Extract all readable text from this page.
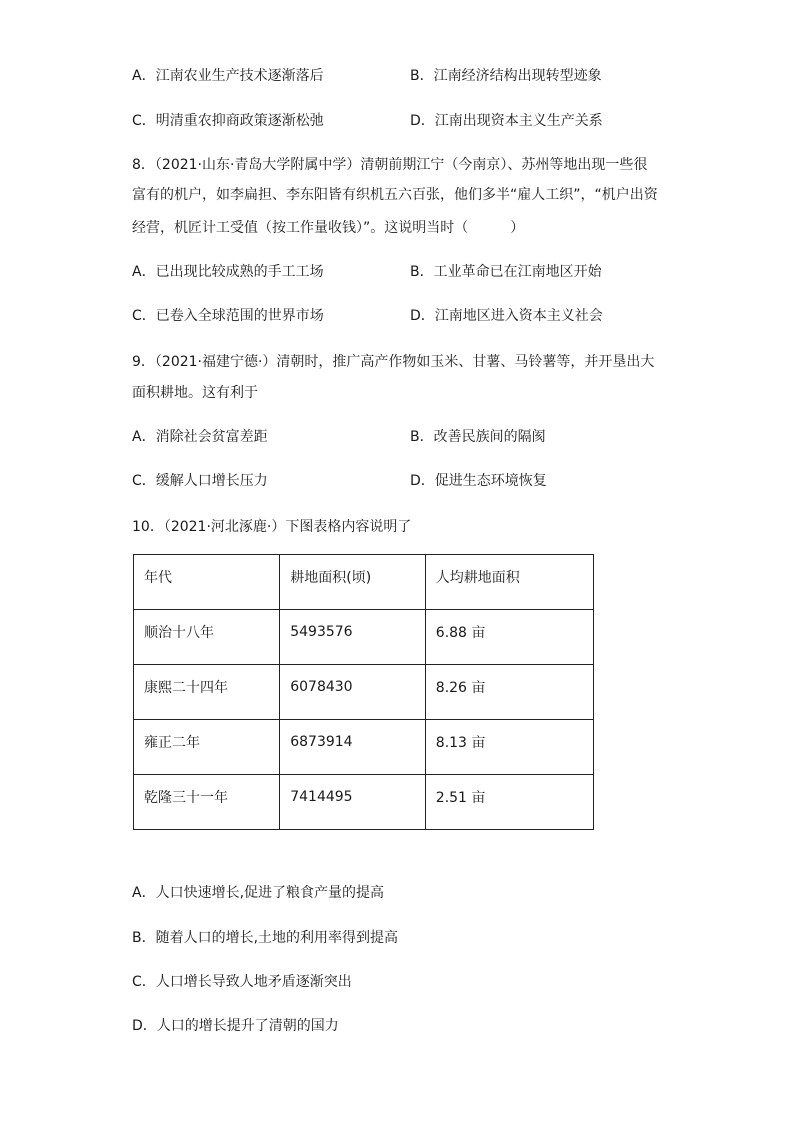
A．江南农业生产技术逐渐落后	B．江南经济结构出现转型迹象
C．明清重农抑商政策逐渐松弛	D．江南出现资本主义生产关系
8．（2021·山东·青岛大学附属中学）清朝前期江宁（今南京）、苏州等地出现一些很
富有的机户，如李扁担、李东阳皆有织机五六百张，他们多半“雇人工织”，“机户出资
经营，机匠计工受值（按工作量收钱）”。这说明当时（　　　）
A．已出现比较成熟的手工工场	B．工业革命已在江南地区开始
C．已卷入全球范围的世界市场	D．江南地区进入资本主义社会
9．（2021·福建宁德·）清朝时，推广高产作物如玉米、甘薯、马铃薯等，并开垦出大
面积耕地。这有利于
A．消除社会贫富差距	B．改善民族间的隔阂
C．缓解人口增长压力	D．促进生态环境恢复
10．（2021·河北涿鹿·）下图表格内容说明了
年代	耕地面积(顷)	人均耕地面积
顺治十八年	5493576	6.88 亩
康熙二十四年	6078430	8.26 亩
雍正二年	6873914	8.13 亩
乾隆三十一年	7414495	2.51 亩
A．人口快速增长,促进了粮食产量的提高
B．随着人口的增长,土地的利用率得到提高
C．人口增长导致人地矛盾逐渐突出
D．人口的增长提升了清朝的国力
